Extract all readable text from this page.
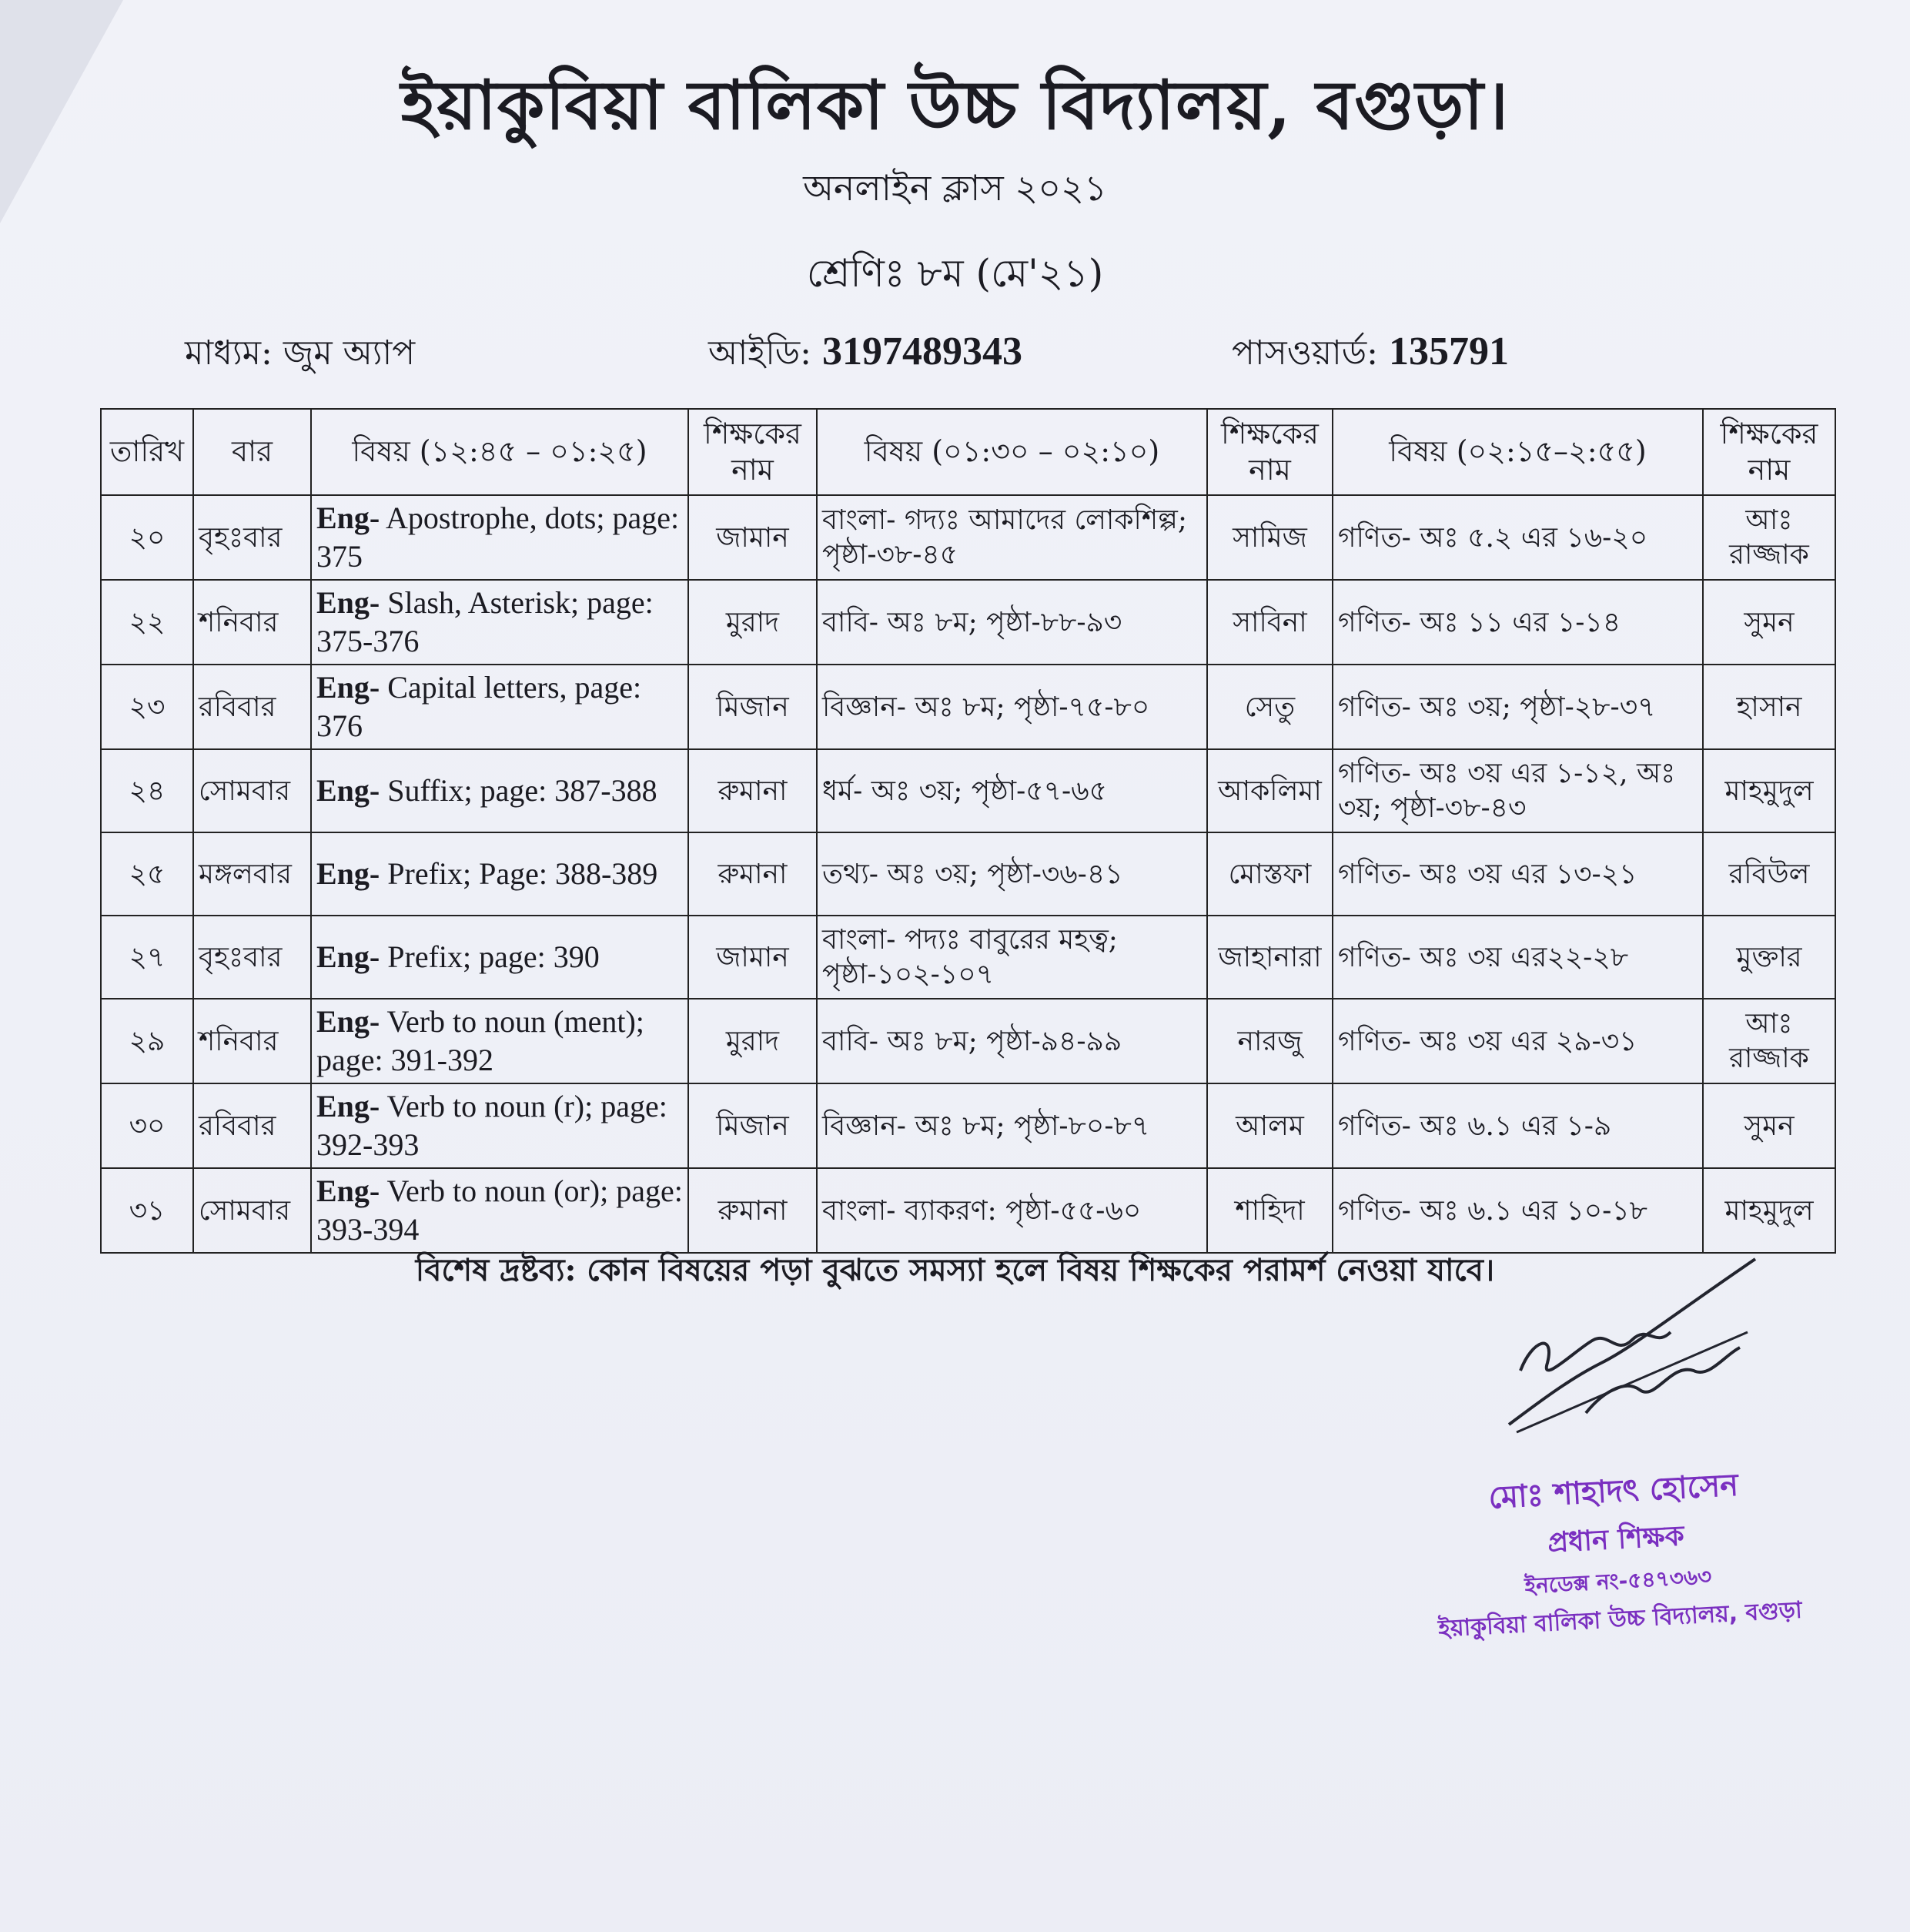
ইয়াকুবিয়া বালিকা উচ্চ বিদ্যালয়, বগুড়া।
অনলাইন ক্লাস ২০২১
শ্রেণিঃ ৮ম (মে'২১)
মাধ্যম: জুম অ্যাপ	আইডি: 3197489343	পাসওয়ার্ড: 135791
তারিখ	বার	বিষয় (১২:৪৫ – ০১:২৫)	শিক্ষকের নাম	বিষয় (০১:৩০ – ০২:১০)	শিক্ষকের নাম	বিষয় (০২:১৫–২:৫৫)	শিক্ষকের নাম
২০	বৃহঃবার	Eng- Apostrophe, dots; page: 375	জামান	বাংলা- গদ্যঃ আমাদের লোকশিল্প; পৃষ্ঠা-৩৮-৪৫	সামিজ	গণিত- অঃ ৫.২ এর ১৬-২০	আঃ রাজ্জাক
২২	শনিবার	Eng- Slash, Asterisk; page: 375-376	মুরাদ	বাবি- অঃ ৮ম; পৃষ্ঠা-৮৮-৯৩	সাবিনা	গণিত- অঃ ১১ এর ১-১৪	সুমন
২৩	রবিবার	Eng- Capital letters, page: 376	মিজান	বিজ্ঞান- অঃ ৮ম; পৃষ্ঠা-৭৫-৮০	সেতু	গণিত- অঃ ৩য়; পৃষ্ঠা-২৮-৩৭	হাসান
২৪	সোমবার	Eng- Suffix; page: 387-388	রুমানা	ধর্ম- অঃ ৩য়; পৃষ্ঠা-৫৭-৬৫	আকলিমা	গণিত- অঃ ৩য় এর ১-১২, অঃ ৩য়; পৃষ্ঠা-৩৮-৪৩	মাহমুদুল
২৫	মঙ্গলবার	Eng- Prefix; Page: 388-389	রুমানা	তথ্য- অঃ ৩য়; পৃষ্ঠা-৩৬-৪১	মোস্তফা	গণিত- অঃ ৩য় এর ১৩-২১	রবিউল
২৭	বৃহঃবার	Eng- Prefix; page: 390	জামান	বাংলা- পদ্যঃ বাবুরের মহত্ব; পৃষ্ঠা-১০২-১০৭	জাহানারা	গণিত- অঃ ৩য় এর২২-২৮	মুক্তার
২৯	শনিবার	Eng- Verb to noun (ment); page: 391-392	মুরাদ	বাবি- অঃ ৮ম; পৃষ্ঠা-৯৪-৯৯	নারজু	গণিত- অঃ ৩য় এর ২৯-৩১	আঃ রাজ্জাক
৩০	রবিবার	Eng- Verb to noun (r); page: 392-393	মিজান	বিজ্ঞান- অঃ ৮ম; পৃষ্ঠা-৮০-৮৭	আলম	গণিত- অঃ ৬.১ এর ১-৯	সুমন
৩১	সোমবার	Eng- Verb to noun (or); page: 393-394	রুমানা	বাংলা- ব্যাকরণ: পৃষ্ঠা-৫৫-৬০	শাহিদা	গণিত- অঃ ৬.১ এর ১০-১৮	মাহমুদুল
বিশেষ দ্রষ্টব্য: কোন বিষয়ের পড়া বুঝতে সমস্যা হলে বিষয় শিক্ষকের পরামর্শ নেওয়া যাবে।
মোঃ শাহাদৎ হোসেন
প্রধান শিক্ষক
ইনডেক্স নং-৫৪৭৩৬৩
ইয়াকুবিয়া বালিকা উচ্চ বিদ্যালয়, বগুড়া
